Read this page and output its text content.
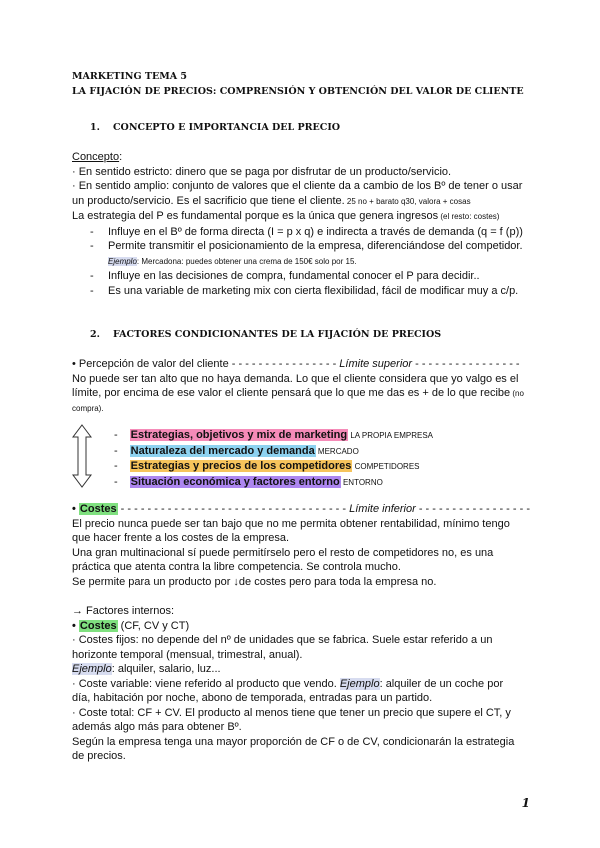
MARKETING TEMA 5
LA FIJACIÓN DE PRECIOS: COMPRENSIÓN Y OBTENCIÓN DEL VALOR DE CLIENTE
1. CONCEPTO E IMPORTANCIA DEL PRECIO
Concepto:
· En sentido estricto: dinero que se paga por disfrutar de un producto/servicio.
· En sentido amplio: conjunto de valores que el cliente da a cambio de los Bº de tener o usar
un producto/servicio. Es el sacrificio que tiene el cliente. 25 no + barato q30, valora + cosas
La estrategia del P es fundamental porque es la única que genera ingresos (el resto: costes)
- Influye en el Bº de forma directa (I = p x q) e indirecta a través de demanda (q = f (p))
- Permite transmitir el posicionamiento de la empresa, diferenciándose del competidor.
Ejemplo: Mercadona: puedes obtener una crema de 150€ solo por 15.
- Influye en las decisiones de compra, fundamental conocer el P para decidir..
- Es una variable de marketing mix con cierta flexibilidad, fácil de modificar muy a c/p.
2. FACTORES CONDICIONANTES DE LA FIJACIÓN DE PRECIOS
• Percepción de valor del cliente - - - - - - - - - - - - - - - - Límite superior - - - - - - - - - - - - - - - -
No puede ser tan alto que no haya demanda. Lo que el cliente considera que yo valgo es el
límite, por encima de ese valor el cliente pensará que lo que me das es + de lo que recibe (no
compra).
- Estrategias, objetivos y mix de marketing LA PROPIA EMPRESA
- Naturaleza del mercado y demanda MERCADO
- Estrategias y precios de los competidores COMPETIDORES
- Situación económica y factores entorno ENTORNO
• Costes - - - - - - - - - - - - - - - - - - - - - - - - - - - - - - - - - - Límite inferior - - - - - - - - - - - - - - - - -
El precio nunca puede ser tan bajo que no me permita obtener rentabilidad, mínimo tengo
que hacer frente a los costes de la empresa.
Una gran multinacional sí puede permitírselo pero el resto de competidores no, es una
práctica que atenta contra la libre competencia. Se controla mucho.
Se permite para un producto por ↓de costes pero para toda la empresa no.
→ Factores internos:
• Costes (CF, CV y CT)
· Costes fijos: no depende del nº de unidades que se fabrica. Suele estar referido a un
horizonte temporal (mensual, trimestral, anual).
Ejemplo: alquiler, salario, luz...
· Coste variable: viene referido al producto que vendo. Ejemplo: alquiler de un coche por
día, habitación por noche, abono de temporada, entradas para un partido.
· Coste total: CF + CV. El producto al menos tiene que tener un precio que supere el CT, y
además algo más para obtener Bº.
Según la empresa tenga una mayor proporción de CF o de CV, condicionarán la estrategia
de precios.
1
